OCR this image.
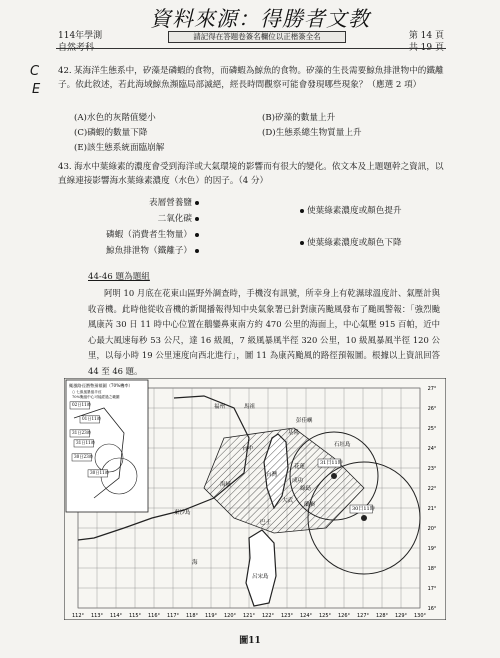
資料來源：得勝者文教
114年學測
自然考科
請記得在答題卷簽名欄位以正楷簽全名	第 14 頁
共 19 頁
C
E
42. 某海洋生態系中，矽藻是磷蝦的食物，而磷蝦為鯨魚的食物。矽藻的生長需要鯨魚排泄物中的鐵離子。依此敘述，若此海域鯨魚瀕臨局部滅絕，經長時間觀察可能會發現哪些現象？（應選 2 項）
(A)水色的灰階值變小	(B)矽藻的數量上升
(C)磷蝦的數量下降	(D)生態系總生物質量上升
(E)該生態系統面臨崩解
43. 海水中葉綠素的濃度會受到海洋或大氣環境的影響而有很大的變化。依文本及上題題幹之資訊，以直線連接影響海水葉綠素濃度（水色）的因子。（4 分）
表層營養鹽
二氧化碳
磷蝦（消費者生物量）
鯨魚排泄物（鐵離子）
使葉綠素濃度或顏色提升
使葉綠素濃度或顏色下降
44-46 題為題組

阿明 10 月底在花東山區野外調查時，手機沒有訊號，所幸身上有乾濕球溫度計、氣壓計與收音機。此時他從收音機的新聞播報得知中央氣象署已針對康芮颱風發布了颱風警報：「強烈颱風康芮 30 日 11 時中心位置在鵝鑾鼻東南方約 470 公里的海面上，中心氣壓 915 百帕，近中心最大風速每秒 53 公尺，達 16 級風，7 級風暴風半徑 320 公里，10 級風暴風半徑 120 公里，以每小時 19 公里速度向西北進行」，圖 11 為康芮颱風的路徑預報圖。根據以上資訊回答 44 至 46 題。

112° 113° 114° 115° 116° 117° 118° 119° 120° 121° 122° 123° 124° 125° 126° 127° 128° 129° 130°
27°
26°
25°
24°
23°
22°
21°
20°
19°
18°
17°
16°
颱風路徑潛勢預報圖（70%機率）
○ 七級風暴風半徑
70%颱風中心可能經過之範圍
02日11時
01日11時
31日23時
31日11時
30日23時
30日11時
31日11時
30日11時
福州	馬祖
彭佳嶼
基隆
花蓮
台中
成功
大武
巴士
海峽
石垣島
東沙島
海
呂宋島
台灣
綠島
蘭嶼
圖11
